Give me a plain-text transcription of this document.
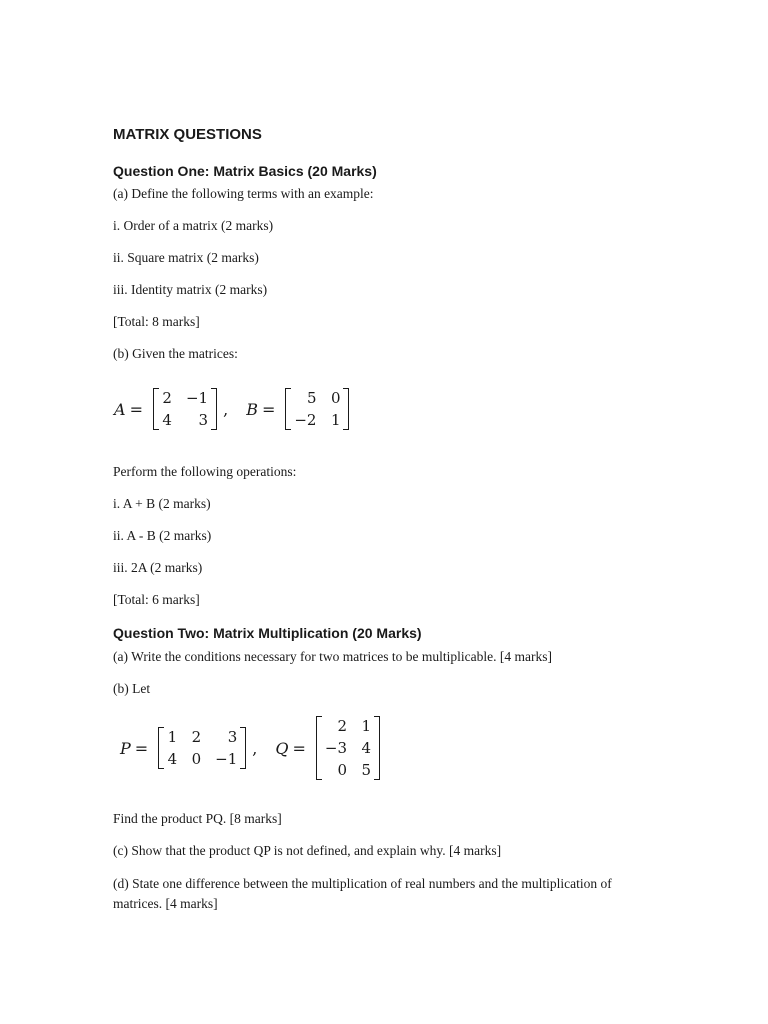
MATRIX QUESTIONS
Question One: Matrix Basics (20 Marks)
(a) Define the following terms with an example:
i. Order of a matrix (2 marks)
ii. Square matrix (2 marks)
iii. Identity matrix (2 marks)
[Total: 8 marks]
(b) Given the matrices:
A =
2 −1
4	3
, B =
5 0
−2 1
Perform the following operations:
i. A + B (2 marks)
ii. A - B (2 marks)
iii. 2A (2 marks)
[Total: 6 marks]
Question Two: Matrix Multiplication (20 Marks)
(a) Write the conditions necessary for two matrices to be multiplicable. [4 marks]
(b) Let
P =
1 2	3
4 0 −1
, Q =
2 1
−3 4
0 5
Find the product PQ. [8 marks]
(c) Show that the product QP is not defined, and explain why. [4 marks]
(d) State one difference between the multiplication of real numbers and the multiplication of matrices. [4 marks]
